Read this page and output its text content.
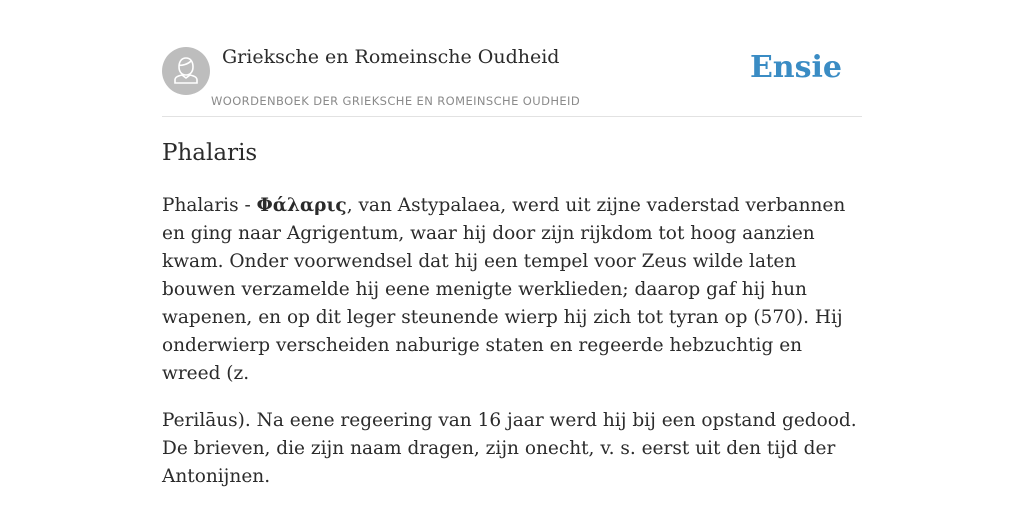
Grieksche en Romeinsche Oudheid
WOORDENBOEK DER GRIEKSCHE EN ROMEINSCHE OUDHEID
Ensie
Phalaris

Phalaris - Φάλαρις, van Astypalaea, werd uit zijne vaderstad verbannen en ging naar Agrigentum, waar hij door zijn rijkdom tot hoog aanzien kwam. Onder voorwendsel dat hij een tempel voor Zeus wilde laten bouwen verzamelde hij eene menigte werklieden; daarop gaf hij hun wapenen, en op dit leger steunende wierp hij zich tot tyran op (570). Hij onderwierp verscheiden naburige staten en regeerde hebzuchtig en wreed (z.

Perilāus). Na eene regeering van 16 jaar werd hij bij een opstand gedood. De brieven, die zijn naam dragen, zijn onecht, v. s. eerst uit den tijd der Antonijnen.
